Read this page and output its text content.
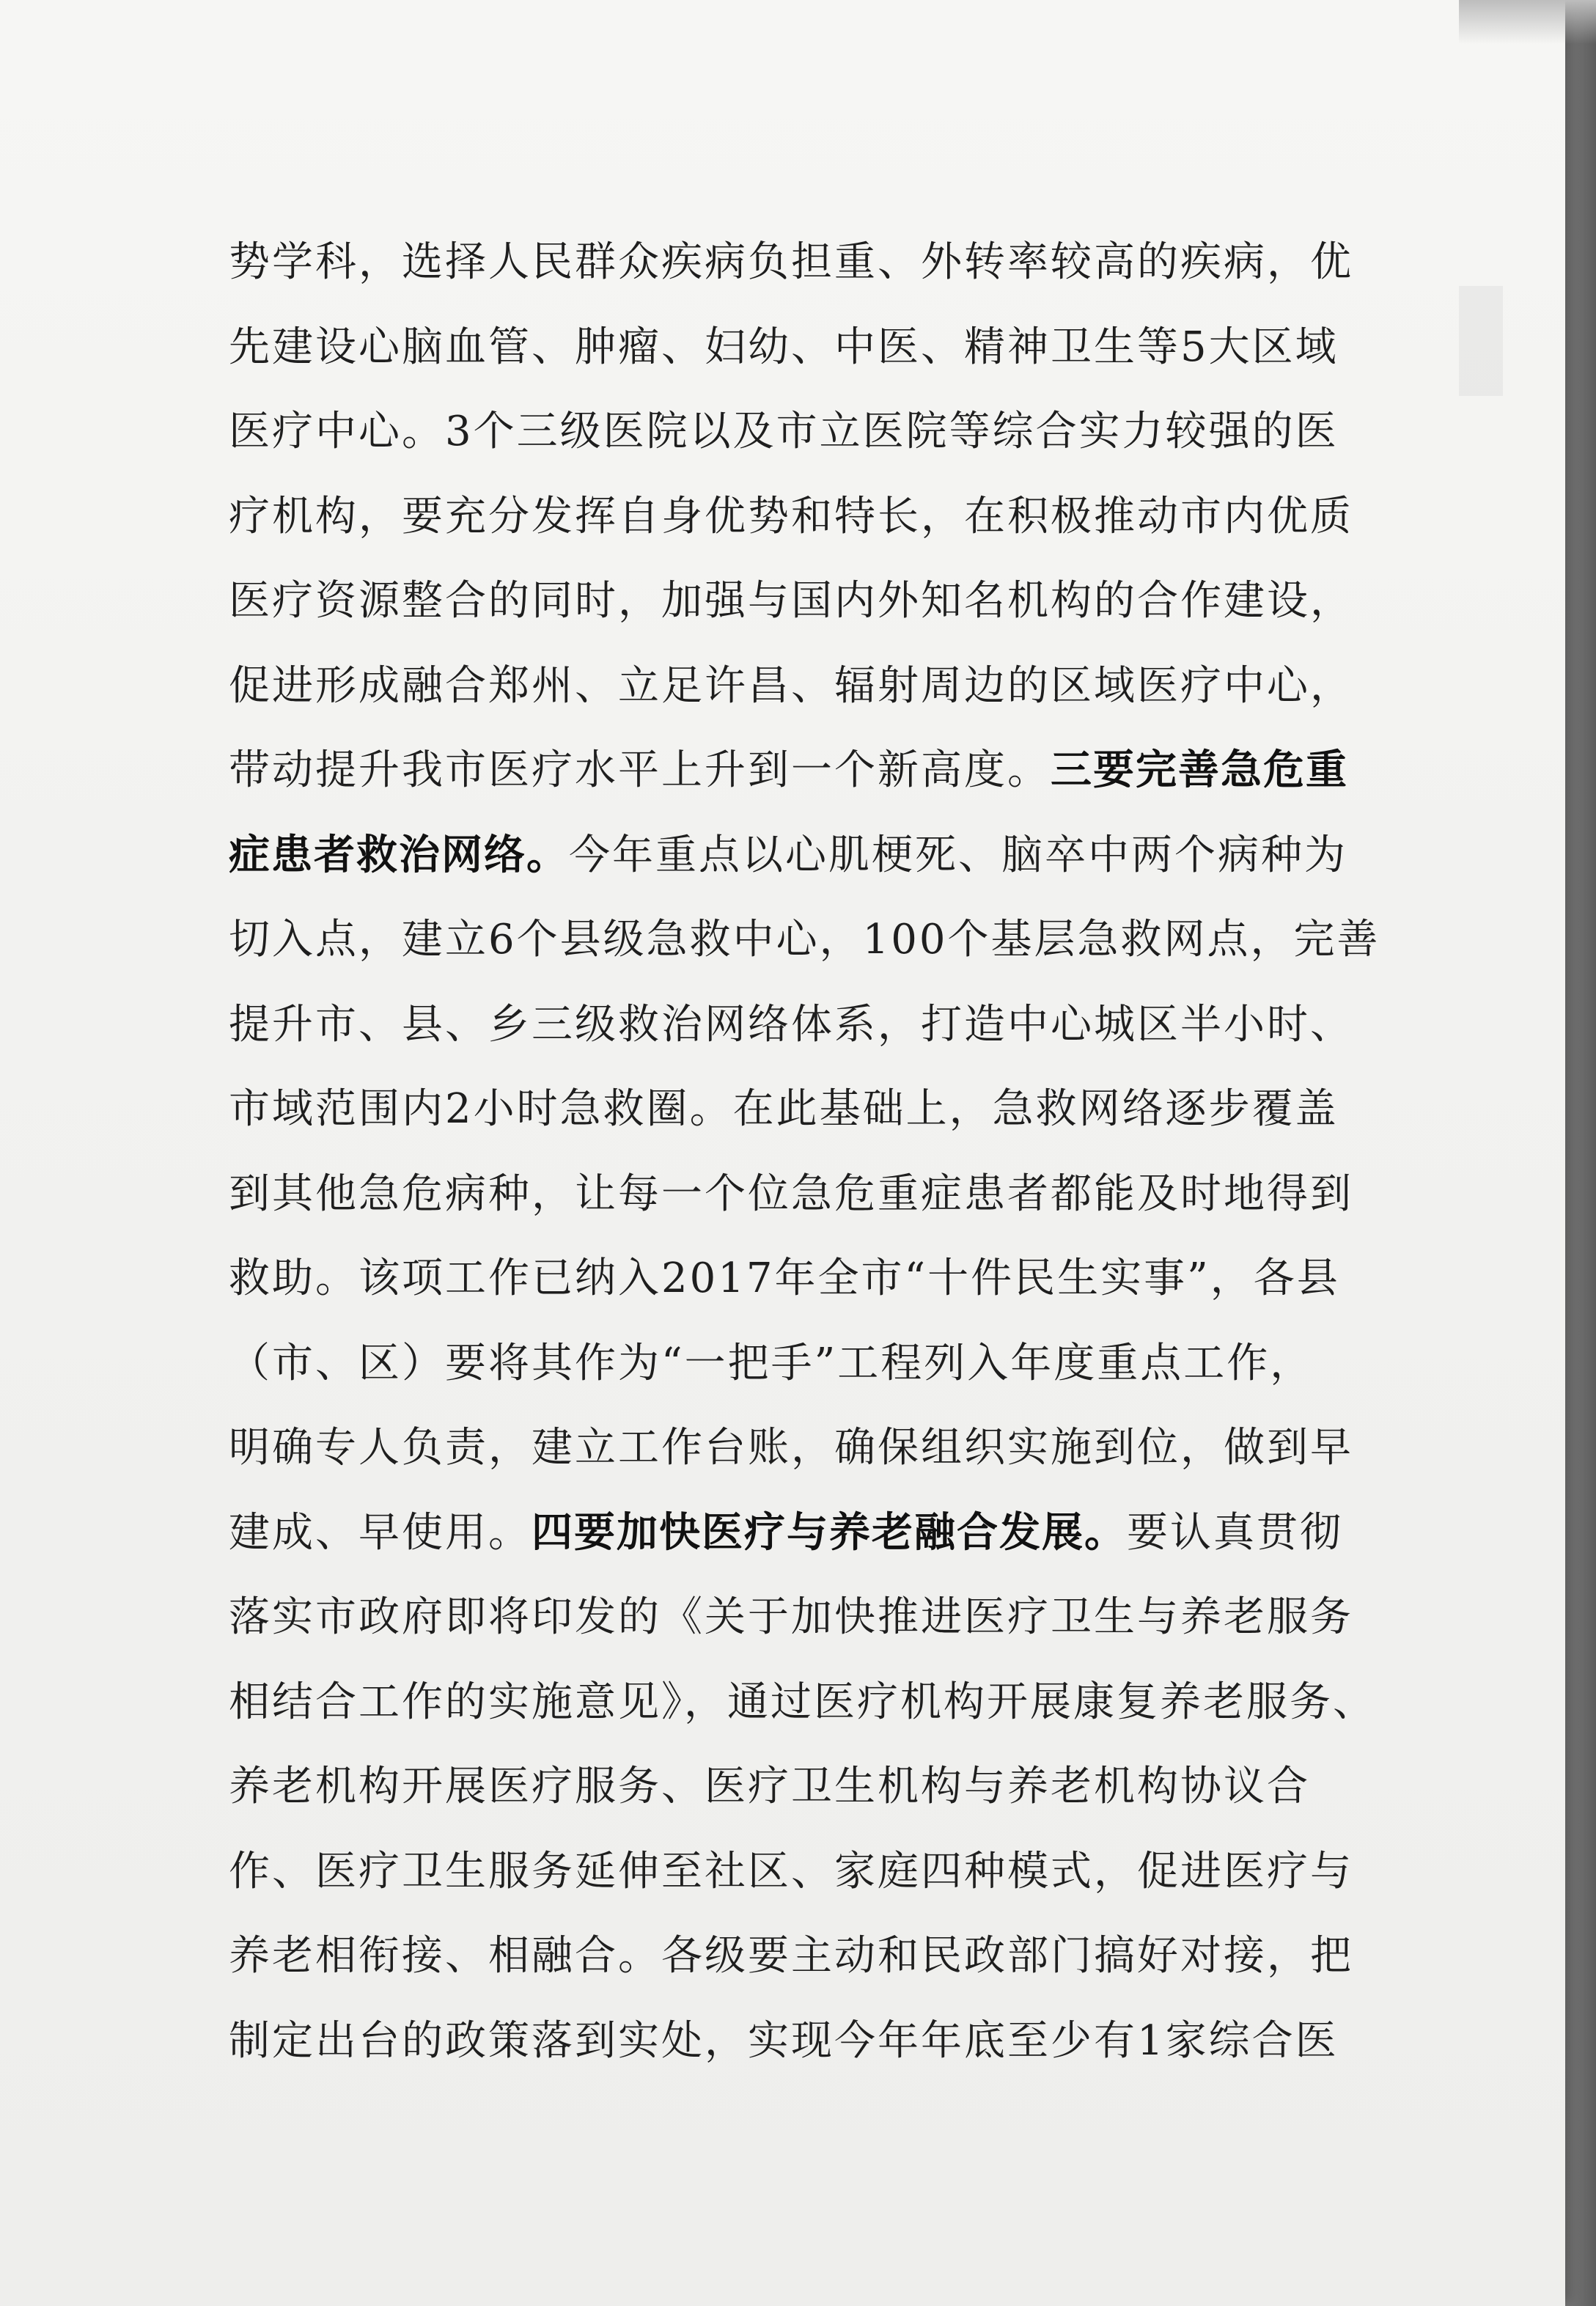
势学科，选择人民群众疾病负担重、外转率较高的疾病，优
先建设心脑血管、肿瘤、妇幼、中医、精神卫生等5大区域
医疗中心。3个三级医院以及市立医院等综合实力较强的医
疗机构，要充分发挥自身优势和特长，在积极推动市内优质
医疗资源整合的同时，加强与国内外知名机构的合作建设，
促进形成融合郑州、立足许昌、辐射周边的区域医疗中心，
带动提升我市医疗水平上升到一个新高度。三要完善急危重
症患者救治网络。今年重点以心肌梗死、脑卒中两个病种为
切入点，建立6个县级急救中心，100个基层急救网点，完善
提升市、县、乡三级救治网络体系，打造中心城区半小时、
市域范围内2小时急救圈。在此基础上，急救网络逐步覆盖
到其他急危病种，让每一个位急危重症患者都能及时地得到
救助。该项工作已纳入2017年全市“十件民生实事”，各县
（市、区）要将其作为“一把手”工程列入年度重点工作，
明确专人负责，建立工作台账，确保组织实施到位，做到早
建成、早使用。四要加快医疗与养老融合发展。要认真贯彻
落实市政府即将印发的《关于加快推进医疗卫生与养老服务
相结合工作的实施意见》，通过医疗机构开展康复养老服务、
养老机构开展医疗服务、医疗卫生机构与养老机构协议合
作、医疗卫生服务延伸至社区、家庭四种模式，促进医疗与
养老相衔接、相融合。各级要主动和民政部门搞好对接，把
制定出台的政策落到实处，实现今年年底至少有1家综合医
